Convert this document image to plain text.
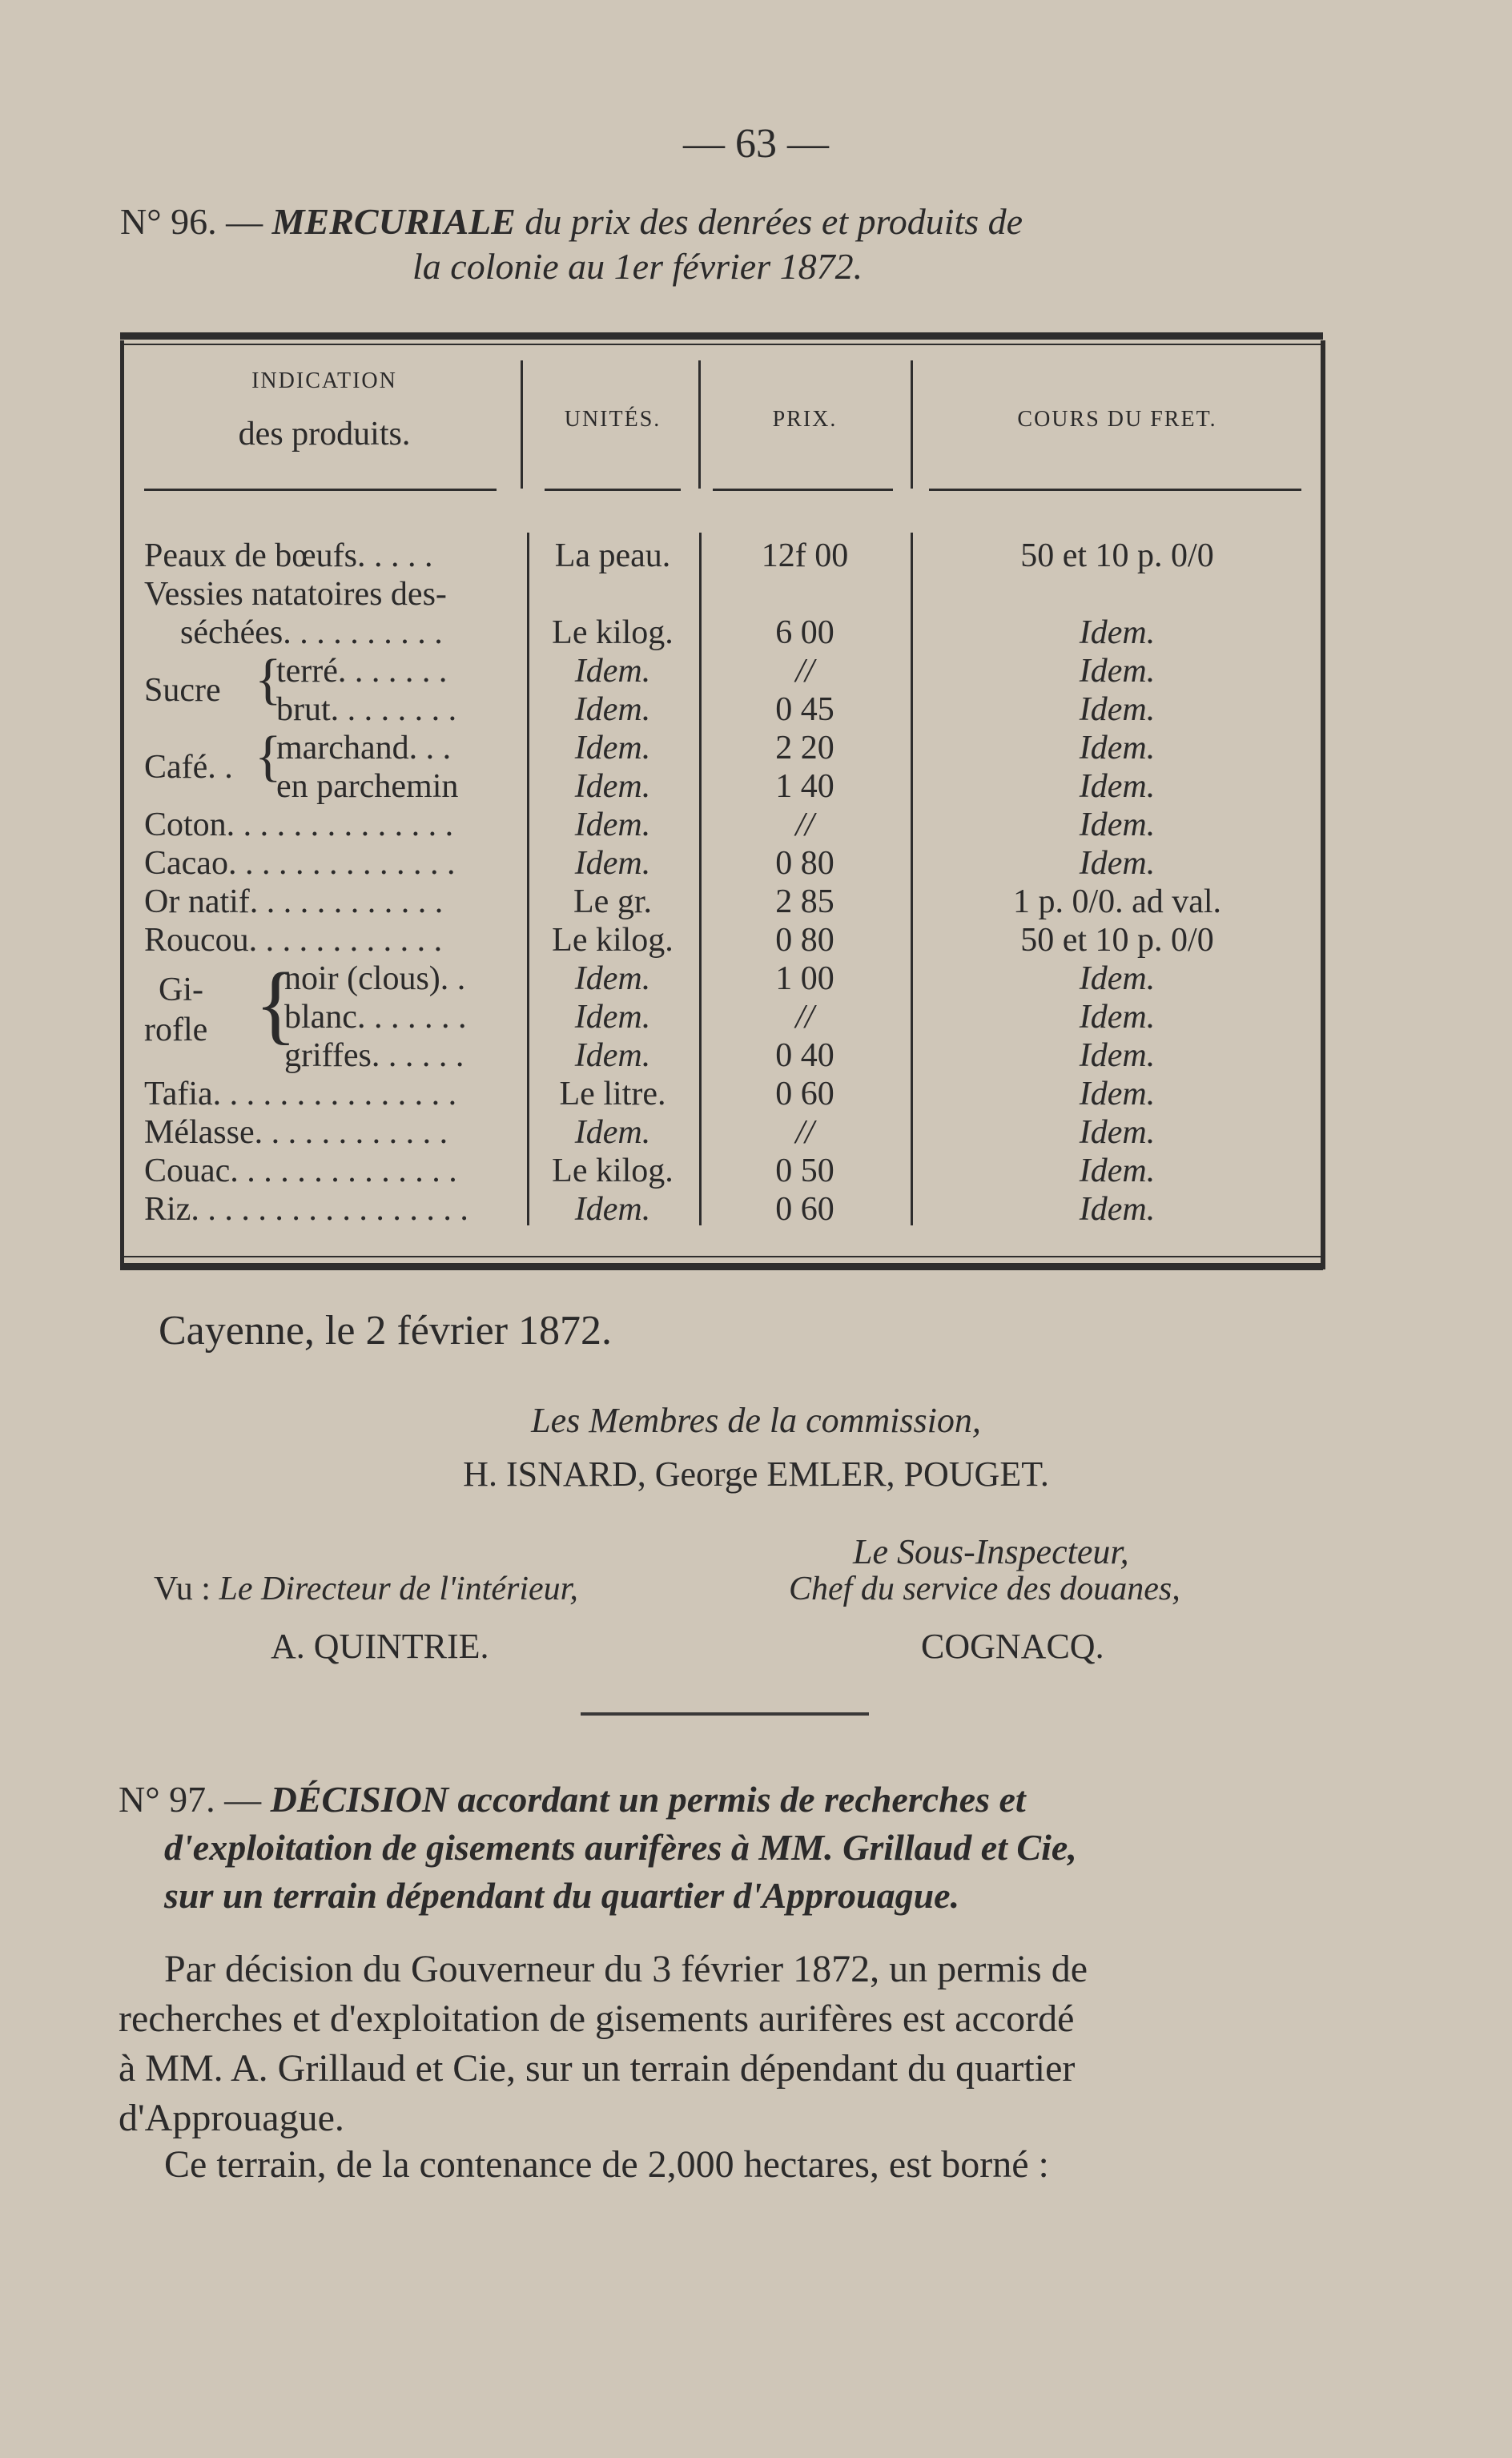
— 63 —
N° 96. — MERCURIALE du prix des denrées et produits de
la colonie au 1er février 1872.
INDICATION
des produits.	UNITÉS.	PRIX.	COURS DU FRET.
Peaux de bœufs. . . . .	La peau.	12f 00	50 et 10 p. 0/0
Vessies natatoires des-
séchées. . . . . . . . . .	Le kilog.	6 00	Idem.
Sucre {
terré. . . . . . .	Idem.	//	Idem.
brut. . . . . . . .	Idem.	0 45	Idem.
Café. . {
marchand. . .	Idem.	2 20	Idem.
en parchemin	Idem.	1 40	Idem.
Coton. . . . . . . . . . . . . .	Idem.	//	Idem.
Cacao. . . . . . . . . . . . . .	Idem.	0 80	Idem.
Or natif. . . . . . . . . . . .	Le gr.	2 85	1 p. 0/0. ad val.
Roucou. . . . . . . . . . . .	Le kilog.	0 80	50 et 10 p. 0/0
Gi-
rofle {
noir (clous). .	Idem.	1 00	Idem.
blanc. . . . . . .	Idem.	//	Idem.
griffes. . . . . .	Idem.	0 40	Idem.
Tafia. . . . . . . . . . . . . . .	Le litre.	0 60	Idem.
Mélasse. . . . . . . . . . . .	Idem.	//	Idem.
Couac. . . . . . . . . . . . . .	Le kilog.	0 50	Idem.
Riz. . . . . . . . . . . . . . . . .	Idem.	0 60	Idem.
Cayenne, le 2 février 1872.
Les Membres de la commission,
H. ISNARD, George EMLER, POUGET.
Le Sous-Inspecteur,
Vu : Le Directeur de l'intérieur,	Chef du service des douanes,
A. QUINTRIE.	COGNACQ.
N° 97. — DÉCISION accordant un permis de recherches et
d'exploitation de gisements aurifères à MM. Grillaud et Cie,
sur un terrain dépendant du quartier d'Approuague.
Par décision du Gouverneur du 3 février 1872, un permis de
recherches et d'exploitation de gisements aurifères est accordé
à MM. A. Grillaud et Cie, sur un terrain dépendant du quartier
d'Approuague.
Ce terrain, de la contenance de 2,000 hectares, est borné :
